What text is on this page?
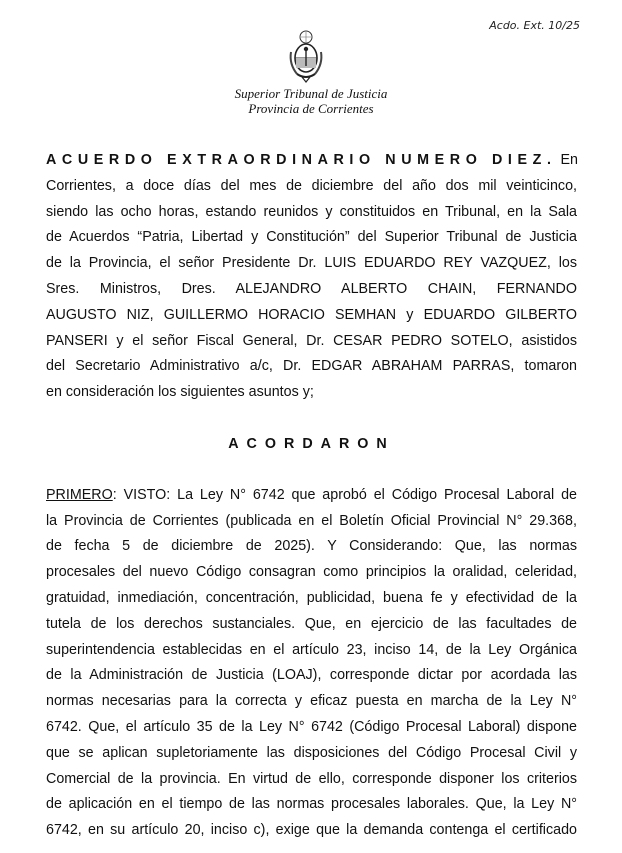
Acdo. Ext. 10/25
Superior Tribunal de Justicia
Provincia de Corrientes
ACUERDO EXTRAORDINARIO NUMERO DIEZ. En
Corrientes, a doce días del mes de diciembre del año dos mil veinticinco,
siendo las ocho horas, estando reunidos y constituidos en Tribunal, en la Sala
de Acuerdos “Patria, Libertad y Constitución” del Superior Tribunal de Justicia
de la Provincia, el señor Presidente Dr. LUIS EDUARDO REY VAZQUEZ, los
Sres. Ministros, Dres. ALEJANDRO ALBERTO CHAIN, FERNANDO
AUGUSTO NIZ, GUILLERMO HORACIO SEMHAN y EDUARDO GILBERTO
PANSERI y el señor Fiscal General, Dr. CESAR PEDRO SOTELO, asistidos
del Secretario Administrativo a/c, Dr. EDGAR ABRAHAM PARRAS, tomaron
en consideración los siguientes asuntos y;
ACORDARON
PRIMERO: VISTO: La Ley N° 6742 que aprobó el Código Procesal Laboral de
la Provincia de Corrientes (publicada en el Boletín Oficial Provincial N° 29.368,
de fecha 5 de diciembre de 2025). Y Considerando: Que, las normas
procesales del nuevo Código consagran como principios la oralidad, celeridad,
gratuidad, inmediación, concentración, publicidad, buena fe y efectividad de la
tutela de los derechos sustanciales. Que, en ejercicio de las facultades de
superintendencia establecidas en el artículo 23, inciso 14, de la Ley Orgánica
de la Administración de Justicia (LOAJ), corresponde dictar por acordada las
normas necesarias para la correcta y eficaz puesta en marcha de la Ley N°
6742. Que, el artículo 35 de la Ley N° 6742 (Código Procesal Laboral) dispone
que se aplican supletoriamente las disposiciones del Código Procesal Civil y
Comercial de la provincia. En virtud de ello, corresponde disponer los criterios
de aplicación en el tiempo de las normas procesales laborales. Que, la Ley N°
6742, en su artículo 20, inciso c), exige que la demanda contenga el certificado
